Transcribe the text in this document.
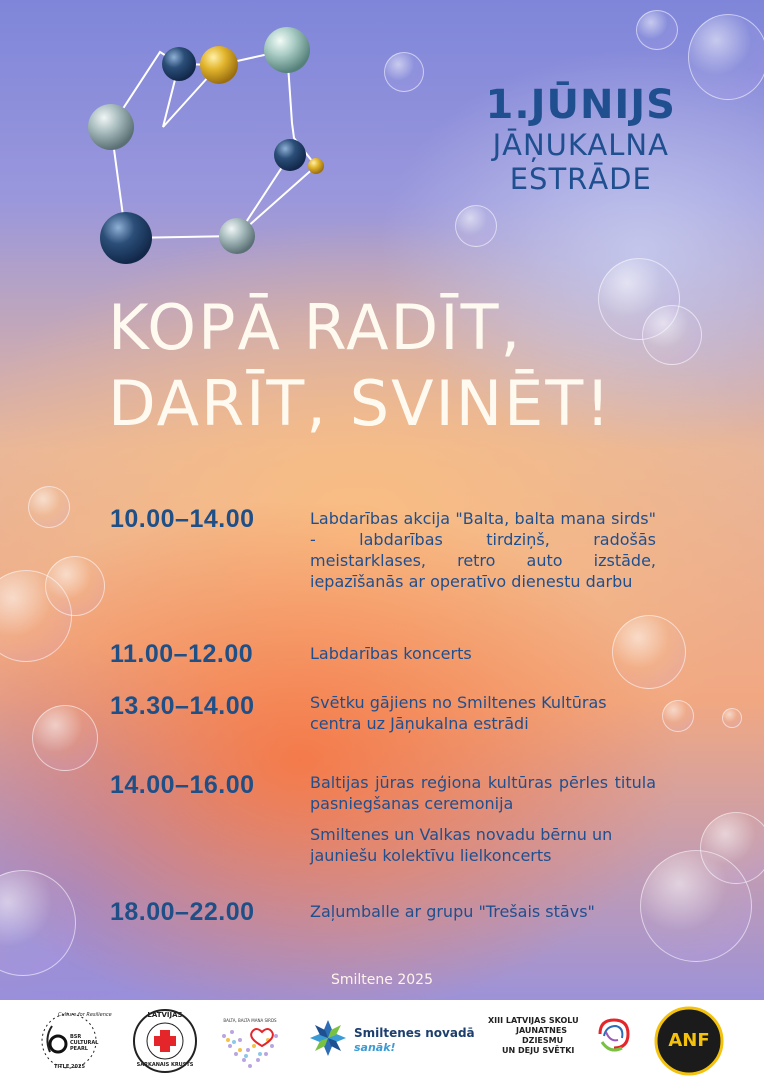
1.JŪNIJS
JĀŅUKALNA
ESTRĀDE
KOPĀ RADĪT,
DARĪT, SVINĒT!
10.00–14.00	Labdarības akcija "Balta, balta mana sirds" - labdarības tirdziņš, radošās meistarklases, retro auto izstāde, iepazīšanās ar operatīvo dienestu darbu
11.00–12.00	Labdarības koncerts
13.30–14.00	Svētku gājiens no Smiltenes Kultūras centra uz Jāņukalna estrādi
14.00–16.00	Baltijas jūras reģiona kultūras pērles titula pasniegšanas ceremonija
Smiltenes un Valkas novadu bērnu un jauniešu kolektīvu lielkoncerts
18.00–22.00	Zaļumballe ar grupu "Trešais stāvs"
Smiltene 2025
Culture for Resilience
BSR
CULTURAL
PEARL
TITLE 2025
LATVIJAS
SARKANAIS KRUSTS
BALTA, BALTA MANA SIRDS
Smiltenes novadā
sanāk!
XIII LATVIJAS SKOLU
JAUNATNES
DZIESMU
UN DEJU SVĒTKI	ANF
